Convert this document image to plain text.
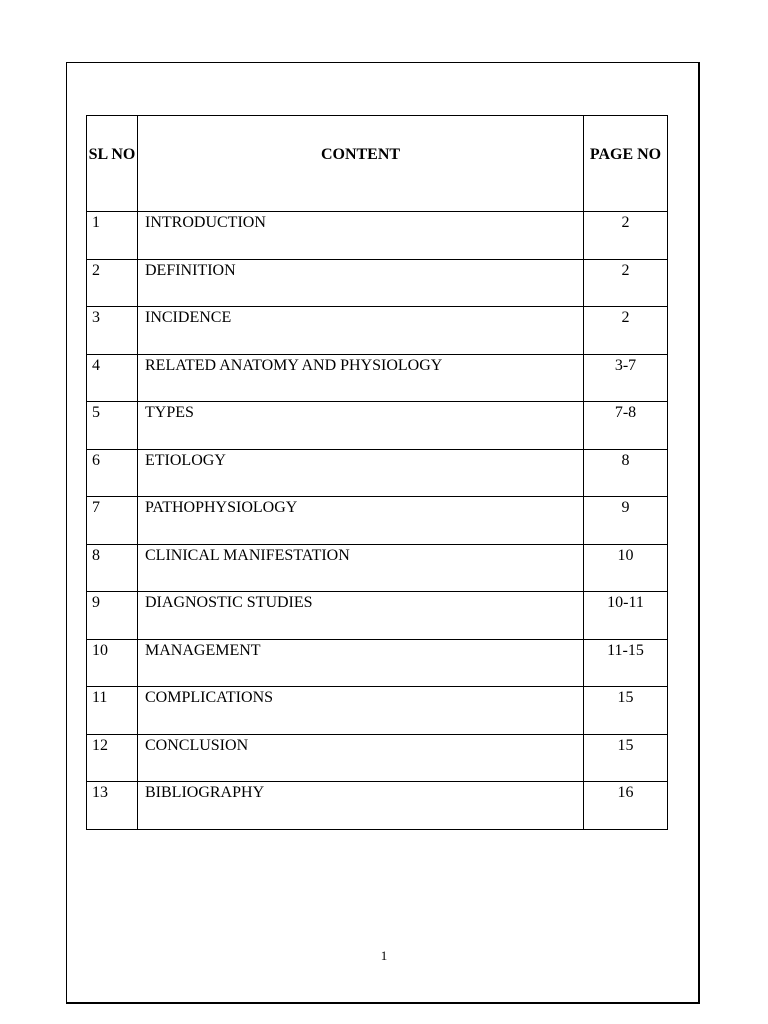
SL NO	CONTENT	PAGE NO

1	INTRODUCTION	2

2	DEFINITION	2

3	INCIDENCE	2

4	RELATED ANATOMY AND PHYSIOLOGY	3-7

5	TYPES	7-8

6	ETIOLOGY	8

7	PATHOPHYSIOLOGY	9

8	CLINICAL MANIFESTATION	10

9	DIAGNOSTIC STUDIES	10-11

10	MANAGEMENT	11-15

11	COMPLICATIONS	15

12	CONCLUSION	15

13	BIBLIOGRAPHY	16
1
